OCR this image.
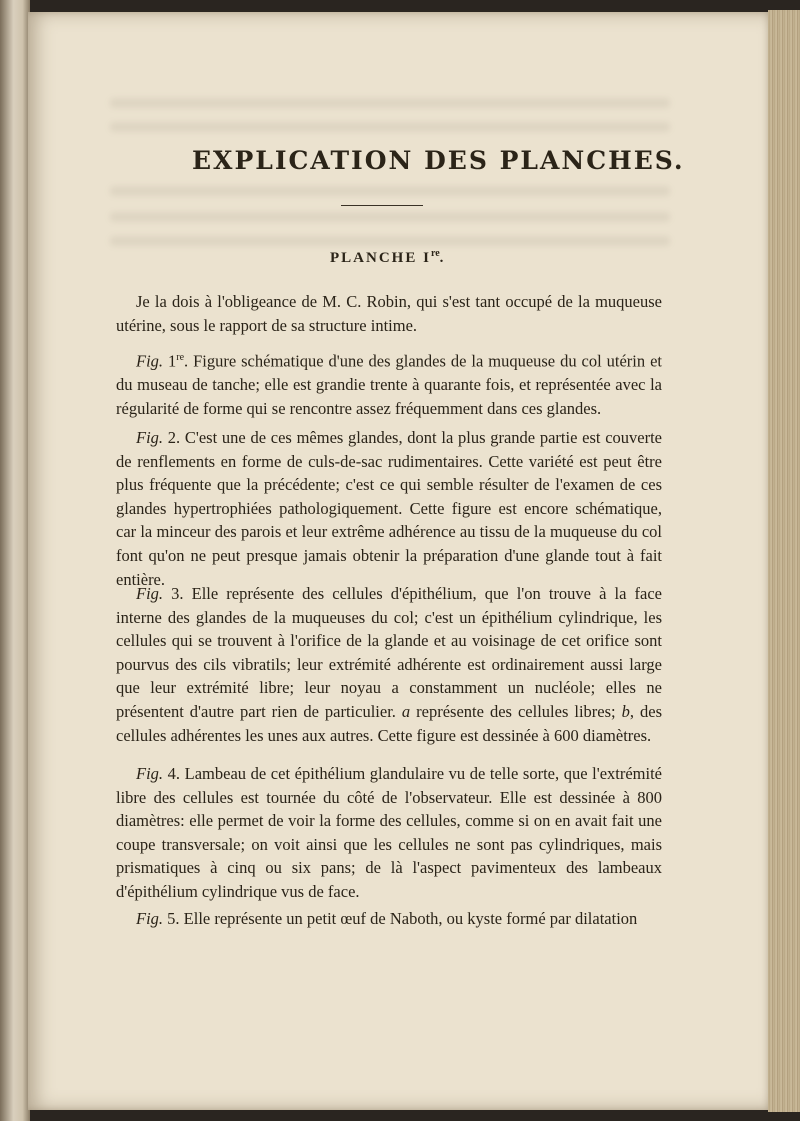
EXPLICATION DES PLANCHES.
PLANCHE Ire.

Je la dois à l'obligeance de M. C. Robin, qui s'est tant occupé de la muqueuse utérine, sous le rapport de sa structure intime.

Fig. 1re. Figure schématique d'une des glandes de la muqueuse du col utérin et du museau de tanche; elle est grandie trente à quarante fois, et représentée avec la régularité de forme qui se rencontre assez fréquemment dans ces glandes.

Fig. 2. C'est une de ces mêmes glandes, dont la plus grande partie est couverte de renflements en forme de culs-de-sac rudimentaires. Cette variété est peut être plus fréquente que la précédente; c'est ce qui semble résulter de l'examen de ces glandes hypertrophiées pathologiquement. Cette figure est encore schématique, car la minceur des parois et leur extrême adhérence au tissu de la muqueuse du col font qu'on ne peut presque jamais obtenir la préparation d'une glande tout à fait entière.

Fig. 3. Elle représente des cellules d'épithélium, que l'on trouve à la face interne des glandes de la muqueuses du col; c'est un épithélium cylindrique, les cellules qui se trouvent à l'orifice de la glande et au voisinage de cet orifice sont pourvus des cils vibratils; leur extrémité adhérente est ordinairement aussi large que leur extrémité libre; leur noyau a constamment un nucléole; elles ne présentent d'autre part rien de particulier. a représente des cellules libres; b, des cellules adhérentes les unes aux autres. Cette figure est dessinée à 600 diamètres.

Fig. 4. Lambeau de cet épithélium glandulaire vu de telle sorte, que l'extrémité libre des cellules est tournée du côté de l'observateur. Elle est dessinée à 800 diamètres: elle permet de voir la forme des cellules, comme si on en avait fait une coupe transversale; on voit ainsi que les cellules ne sont pas cylindriques, mais prismatiques à cinq ou six pans; de là l'aspect pavimenteux des lambeaux d'épithélium cylindrique vus de face.

Fig. 5. Elle représente un petit œuf de Naboth, ou kyste formé par dilatation
